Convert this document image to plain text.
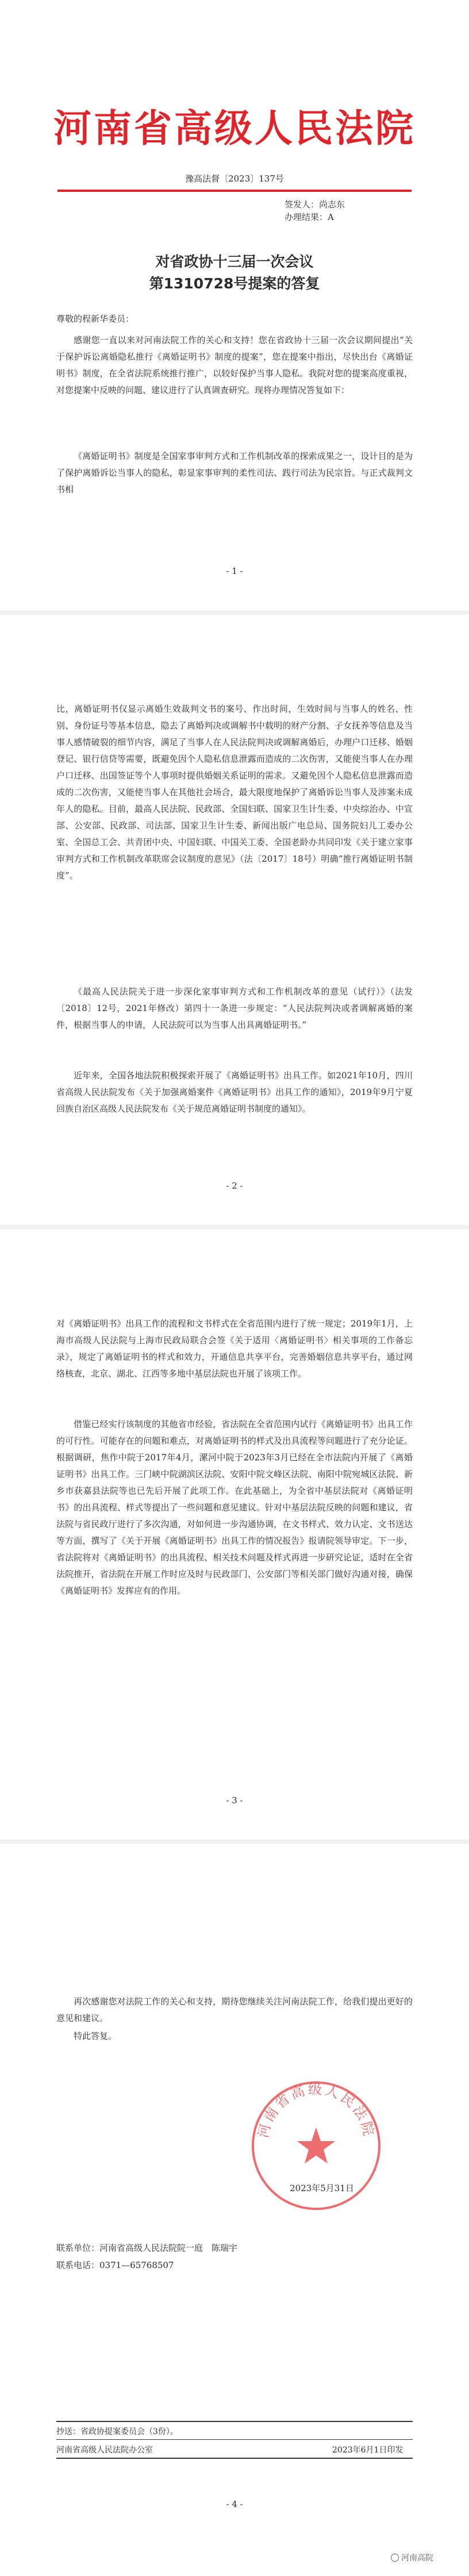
河南省高级人民法院
豫高法督〔2023〕137号
签发人：尚志东
办理结果：A
对省政协十三届一次会议
第1310728号提案的答复
尊敬的程新华委员：

感谢您一直以来对河南法院工作的关心和支持！您在省政协十三届一次会议期间提出“关于保护诉讼离婚隐私推行《离婚证明书》制度的提案”，您在提案中指出，尽快出台《离婚证明书》制度，在全省法院系统推行推广，以较好保护当事人隐私。我院对您的提案高度重视，对您提案中反映的问题、建议进行了认真调查研究。现将办理情况答复如下：

《离婚证明书》制度是全国家事审判方式和工作机制改革的探索成果之一，设计目的是为了保护离婚诉讼当事人的隐私，彰显家事审判的柔性司法、践行司法为民宗旨。与正式裁判文书相

- 1 -

比，离婚证明书仅显示离婚生效裁判文书的案号、作出时间，生效时间与当事人的姓名、性别、身份证号等基本信息，隐去了离婚判决或调解书中载明的财产分割、子女抚养等信息及当事人感情破裂的细节内容，满足了当事人在人民法院判决或调解离婚后，办理户口迁移、婚姻登记、银行信贷等需要，既避免因个人隐私信息泄露而造成的二次伤害，又能使当事人在办理户口迁移、出国签证等个人事项时提供婚姻关系证明的需求。又避免因个人隐私信息泄露而造成的二次伤害，又能使当事人在其他社会场合，最大限度地保护了离婚诉讼当事人及涉案未成年人的隐私。目前，最高人民法院、民政部、全国妇联、国家卫生计生委、中央综治办、中宣部、公安部、民政部、司法部、国家卫生计生委、新闻出版广电总局、国务院妇儿工委办公室、全国总工会、共青团中央、中国妇联、中国关工委、全国老龄办共同印发《关于建立家事审判方式和工作机制改革联席会议制度的意见》（法〔2017〕18号）明确“推行离婚证明书制度”。

《最高人民法院关于进一步深化家事审判方式和工作机制改革的意见（试行）》（法发〔2018〕12号，2021年修改）第四十一条进一步规定：“人民法院判决或者调解离婚的案件，根据当事人的申请，人民法院可以为当事人出具离婚证明书。”

近年来，全国各地法院积极探索开展了《离婚证明书》出具工作。如2021年10月，四川省高级人民法院发布《关于加强离婚案件《离婚证明书》出具工作的通知》，2019年9月宁夏回族自治区高级人民法院发布《关于规范离婚证明书制度的通知》。

- 2 -

对《离婚证明书》出具工作的流程和文书样式在全省范围内进行了统一规定；2019年1月，上海市高级人民法院与上海市民政局联合会签《关于适用〈离婚证明书〉相关事项的工作备忘录》，规定了离婚证明书的样式和效力，开通信息共享平台，完善婚姻信息共享平台，通过网络核查，北京、湖北、江西等多地中基层法院也开展了该项工作。

借鉴已经实行该制度的其他省市经验，省法院在全省范围内试行《离婚证明书》出具工作的可行性。可能存在的问题和难点，对离婚证明书的样式及出具流程等问题进行了充分论证。根据调研，焦作中院于2017年4月，漯河中院于2023年3月已经在全市法院内开展了《离婚证明书》出具工作。三门峡中院湖滨区法院、安阳中院文峰区法院、南阳中院宛城区法院、新乡市获嘉县法院等也已先后开展了此项工作。在此基础上，为全省中基层法院对《离婚证明书》的出具流程、样式等提出了一些问题和意见建议。针对中基层法院反映的问题和建议，省法院与省民政厅进行了多次沟通，对如何进一步沟通协调，在文书样式、效力认定、文书送达等方面，撰写了《关于开展《离婚证明书》出具工作的情况报告》报请院领导审定。下一步，省法院将对《离婚证明书》的出具流程、相关技术问题及样式再进一步研究论证，适时在全省法院推开，省法院在开展工作时应及时与民政部门、公安部门等相关部门做好沟通对接，确保《离婚证明书》发挥应有的作用。

- 3 -

再次感谢您对法院工作的关心和支持，期待您继续关注河南法院工作，给我们提出更好的意见和建议。

特此答复。

河南省高级人民法院
2023年5月31日
联系单位：河南省高级人民法院院一庭　陈瑞宇
联系电话：0371—65768507
抄送：省政协提案委员会（3份）。
河南省高级人民法院办公室	2023年6月1日印发
- 4 -
河南高院
